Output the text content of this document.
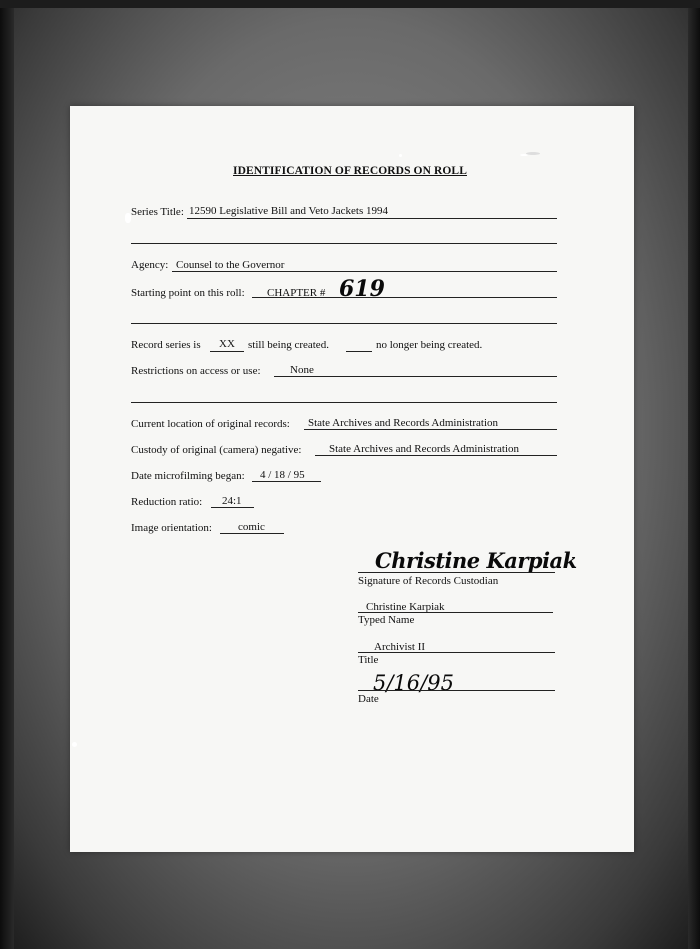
IDENTIFICATION OF RECORDS ON ROLL
Series Title: 12590 Legislative Bill and Veto Jackets 1994
Agency: Counsel to the Governor
Starting point on this roll: CHAPTER # 619
Record series is XX still being created.	no longer being created.
Restrictions on access or use:	None
Current location of original records: State Archives and Records Administration
Custody of original (camera) negative:	State Archives and Records Administration
Date microfilming began: 4 / 18 / 95
Reduction ratio: 24:1
Image orientation: comic
Christine Karpiak
Signature of Records Custodian
Christine Karpiak
Typed Name
Archivist II
Title
5/16/95
Date
